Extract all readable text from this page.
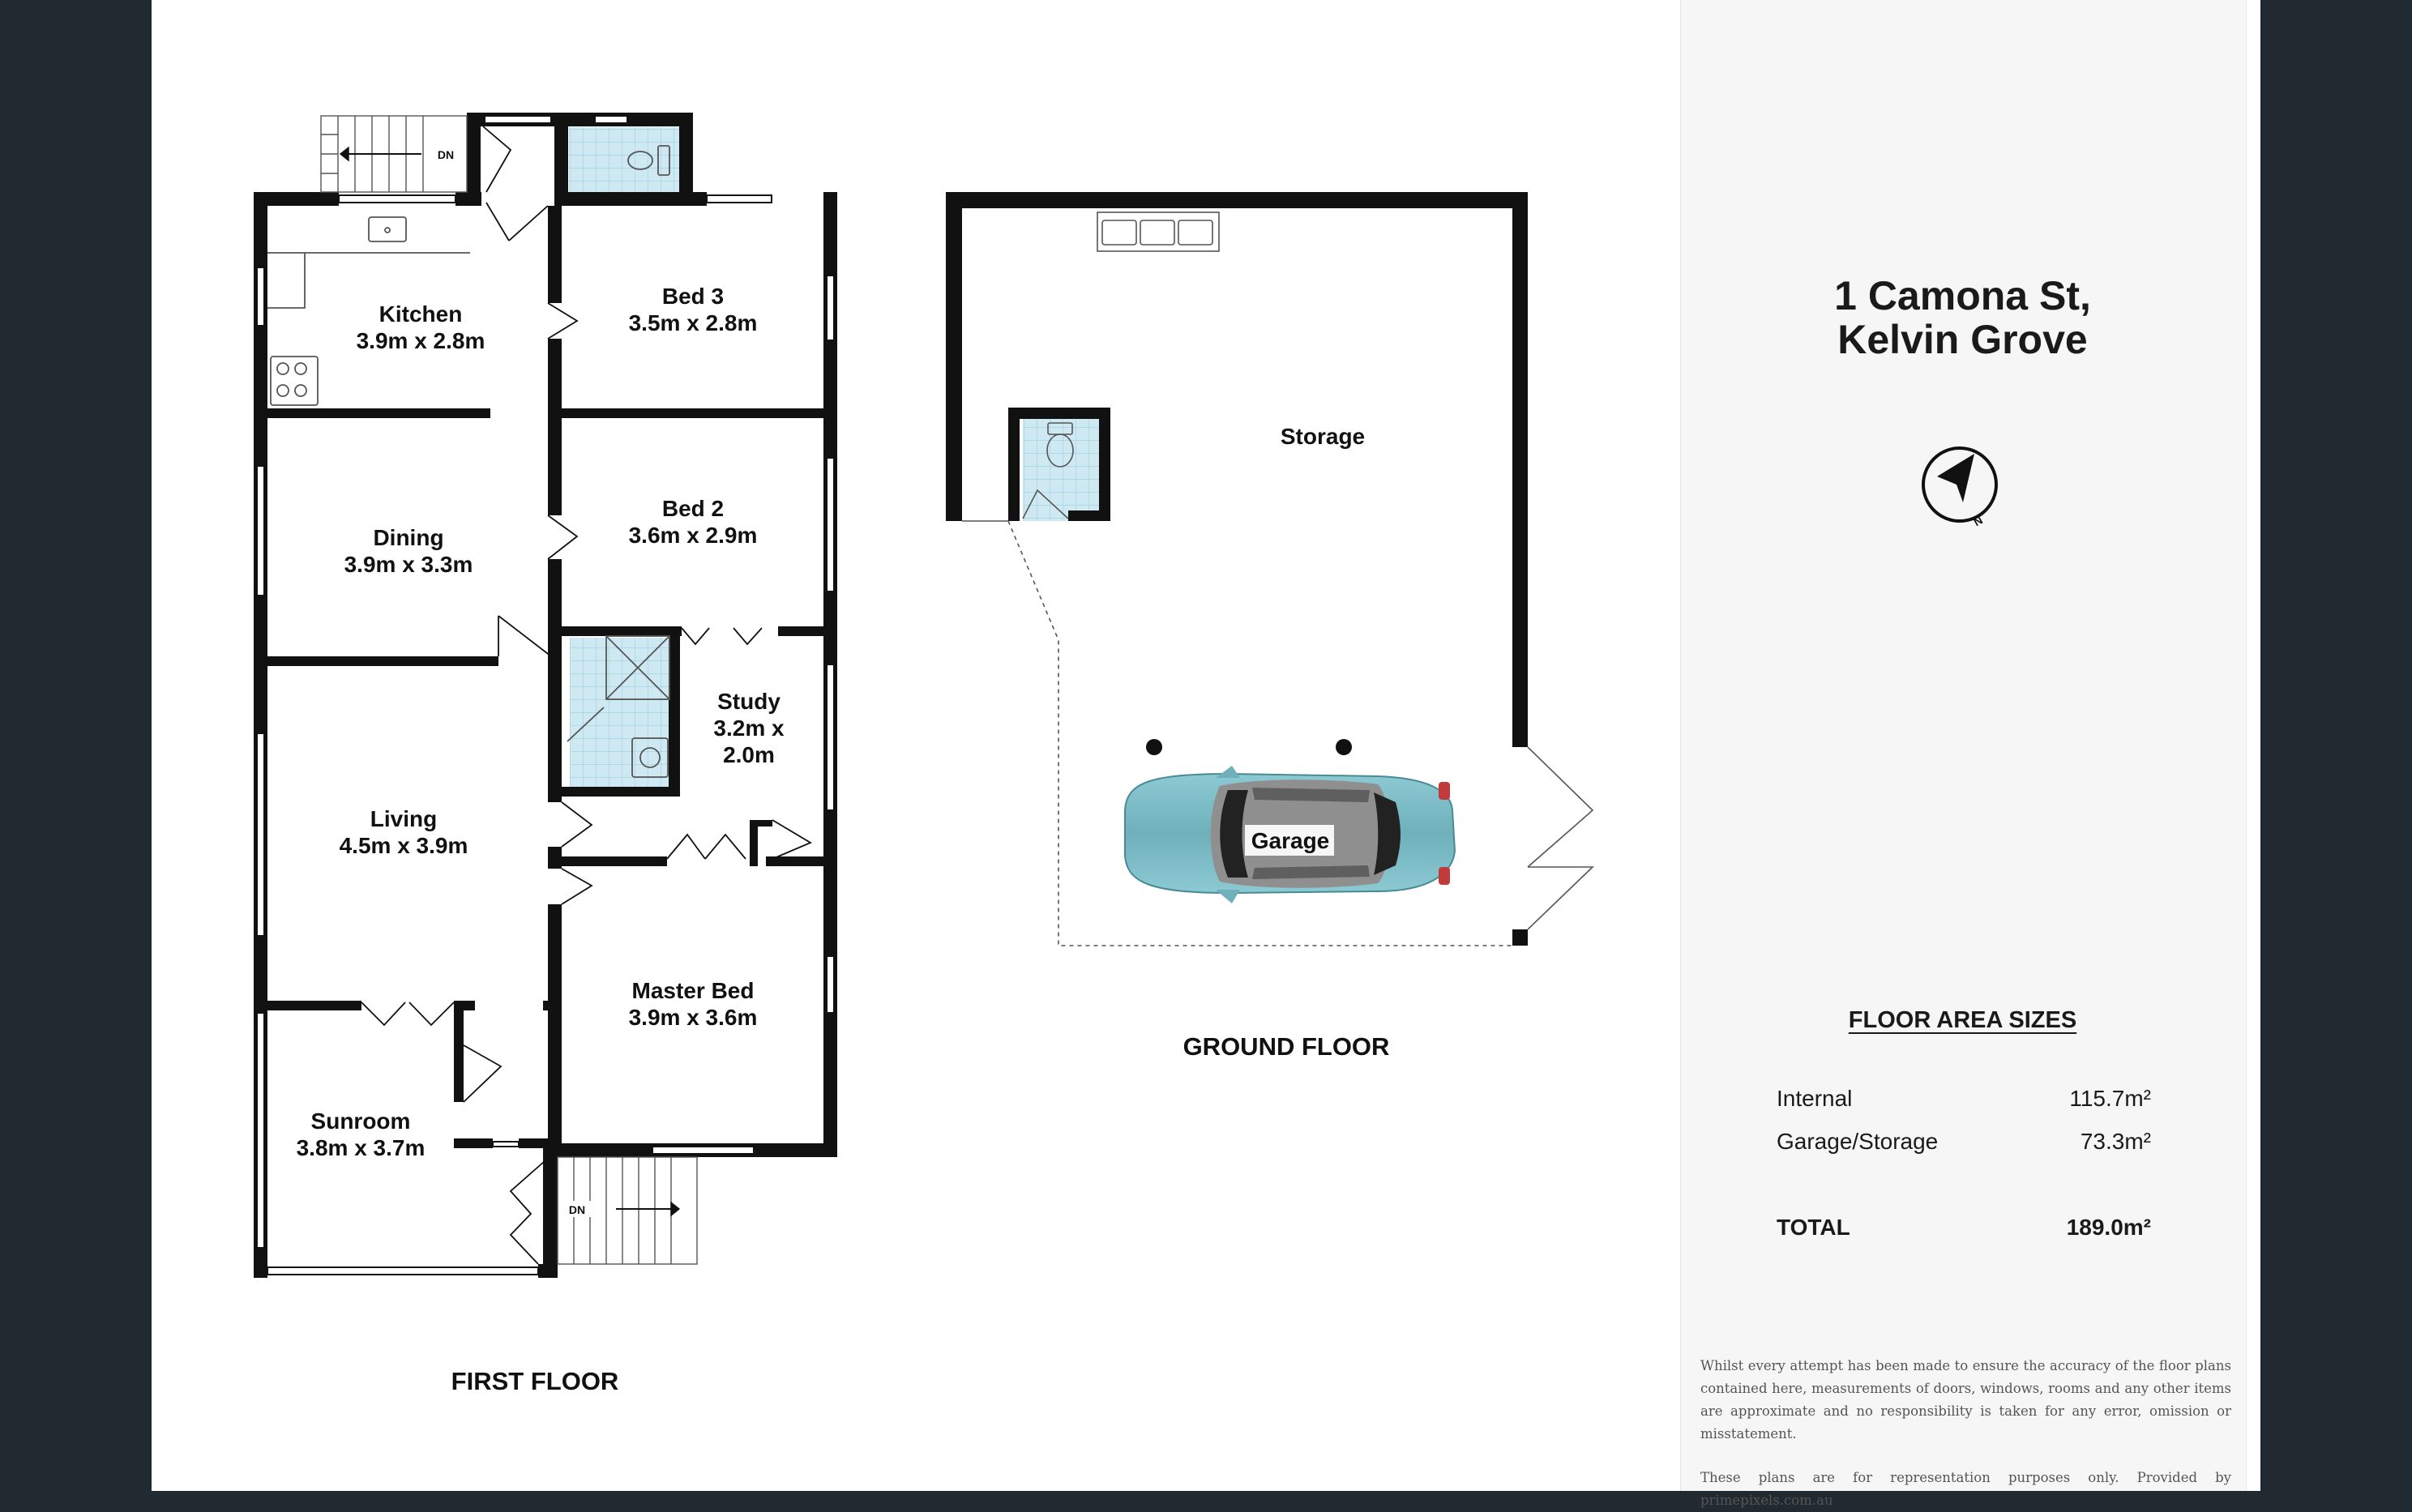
DN
DN
Kitchen
3.9m x 2.8m
Bed 3
3.5m x 2.8m
Dining
3.9m x 3.3m
Bed 2
3.6m x 2.9m
Study
3.2m x
2.0m
Living
4.5m x 3.9m
Master Bed
3.9m x 3.6m
Sunroom
3.8m x 3.7m
FIRST FLOOR
Garage
Storage
GROUND FLOOR
N
1 Camona St,
Kelvin Grove
FLOOR AREA SIZES
Internal	115.7m²
Garage/Storage	73.3m²
TOTAL	189.0m²

Whilst every attempt has been made to ensure the accuracy of the floor plans contained here, measurements of doors, windows, rooms and any other items are approximate and no responsibility is taken for any error, omission or misstatement.

These plans are for representation purposes only. Provided by primepixels.com.au
